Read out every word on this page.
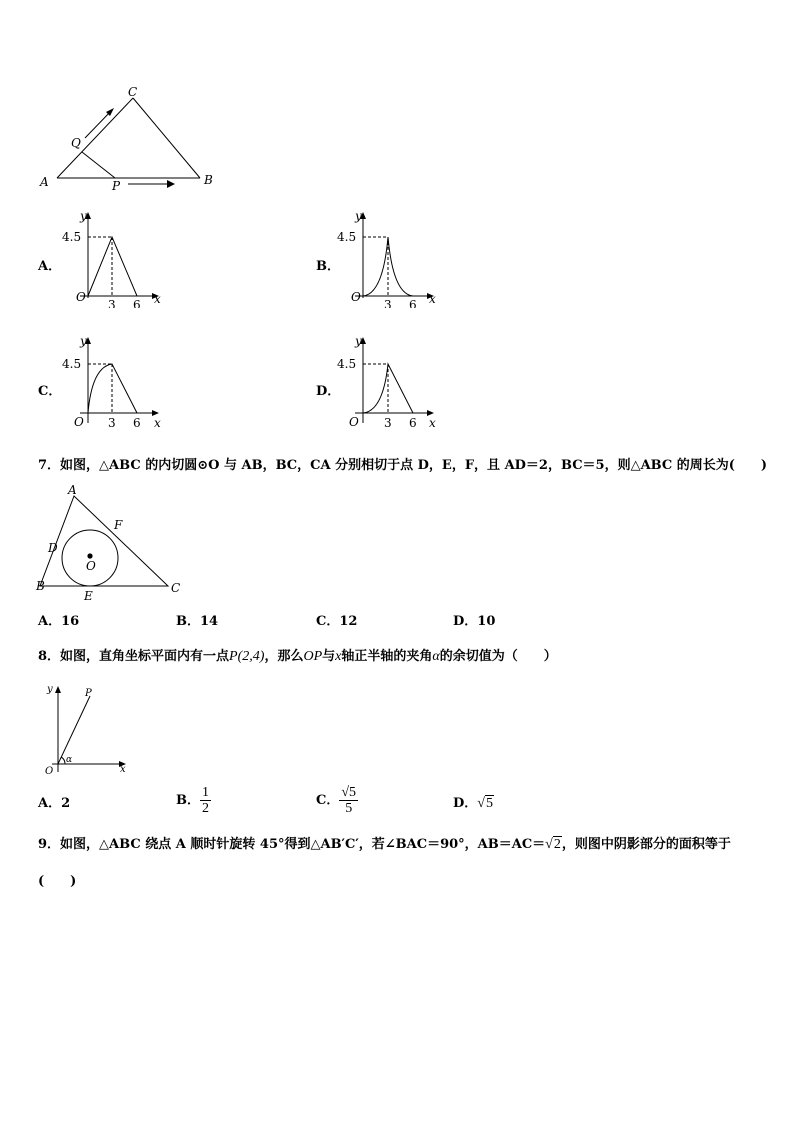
C
Q
A	P	B
A．
y
4.5
O
3 6 x
B．
y
4.5
O
3 6 x
C．
y
4.5
O 3 6 x
D．
y
4.5
O 3 6 x
7．如图，△ABC 的内切圆⊙O 与 AB，BC，CA 分别相切于点 D，E，F，且 AD＝2，BC＝5，则△ABC 的周长为(　　)
A
F
D
O
B
E
C
A．16	B．14	C．12	D．10
8．如图，直角坐标平面内有一点P(2,4)，那么OP与x轴正半轴的夹角α的余切值为（　　）
y	P
O
α
x
A．2	B． $\frac{1}{2}$	C． $\frac{√5}{5}$	D．√5
9．如图，△ABC 绕点 A 顺时针旋转 45°得到△AB′C′，若∠BAC＝90°，AB＝AC＝√2，则图中阴影部分的面积等于
(　　)
